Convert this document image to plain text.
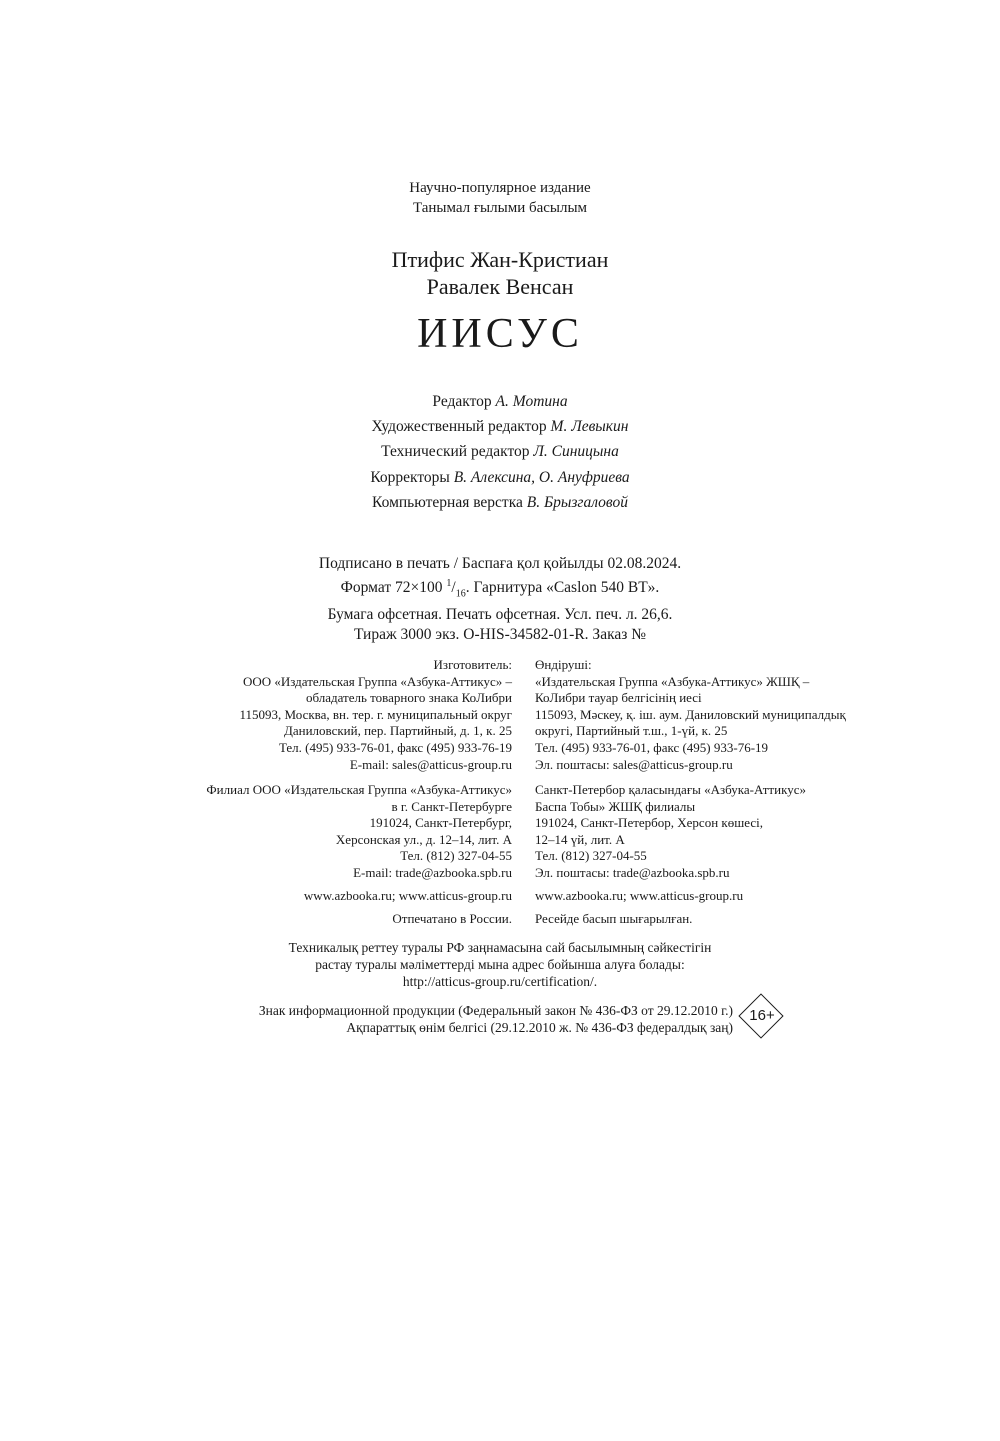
Научно-популярное издание
Танымал ғылыми басылым
Птифис Жан-Кристиан
Равалек Венсан
ИИСУС
Редактор А. Мотина
Художественный редактор М. Левыкин
Технический редактор Л. Синицына
Корректоры В. Алексина, О. Ануфриева
Компьютерная верстка В. Брызгаловой
Подписано в печать / Баспаға қол қойылды 02.08.2024.
Формат 72×100 $^1/_{16}$. Гарнитура «Caslon 540 BT».
Бумага офсетная. Печать офсетная. Усл. печ. л. 26,6.
Тираж 3000 экз. O-HIS-34582-01-R. Заказ №
Изготовитель:
ООО «Издательская Группа «Азбука-Аттикус» –
обладатель товарного знака КоЛибри
115093, Москва, вн. тер. г. муниципальный округ
Даниловский, пер. Партийный, д. 1, к. 25
Тел. (495) 933-76-01, факс (495) 933-76-19
E-mail: sales@atticus-group.ru
Өндіруші:
«Издательская Группа «Азбука-Аттикус» ЖШҚ –
КоЛибри тауар белгісінің иесі
115093, Мәскеу, қ. іш. аум. Даниловский муниципалдық
округі, Партийный т.ш., 1-үй, к. 25
Тел. (495) 933-76-01, факс (495) 933-76-19
Эл. поштасы: sales@atticus-group.ru
Филиал ООО «Издательская Группа «Азбука-Аттикус»
в г. Санкт-Петербурге
191024, Санкт-Петербург,
Херсонская ул., д. 12–14, лит. А
Тел. (812) 327-04-55
E-mail: trade@azbooka.spb.ru
Санкт-Петербор қаласындағы «Азбука-Аттикус»
Баспа Тобы» ЖШҚ филиалы
191024, Санкт-Петербор, Херсон көшесі,
12–14 үй, лит. А
Тел. (812) 327-04-55
Эл. поштасы: trade@azbooka.spb.ru
www.azbooka.ru; www.atticus-group.ru www.azbooka.ru; www.atticus-group.ru
Отпечатано в России. Ресейде басып шығарылған.
Техникалық реттеу туралы РФ заңнамасына сай басылымның сәйкестігін
растау туралы мәліметтерді мына адрес бойынша алуға болады:
http://atticus-group.ru/certification/.
Знак информационной продукции (Федеральный закон № 436-ФЗ от 29.12.2010 г.)
Ақпараттық өнім белгісі (29.12.2010 ж. № 436-ФЗ федералдық заң)
16+
